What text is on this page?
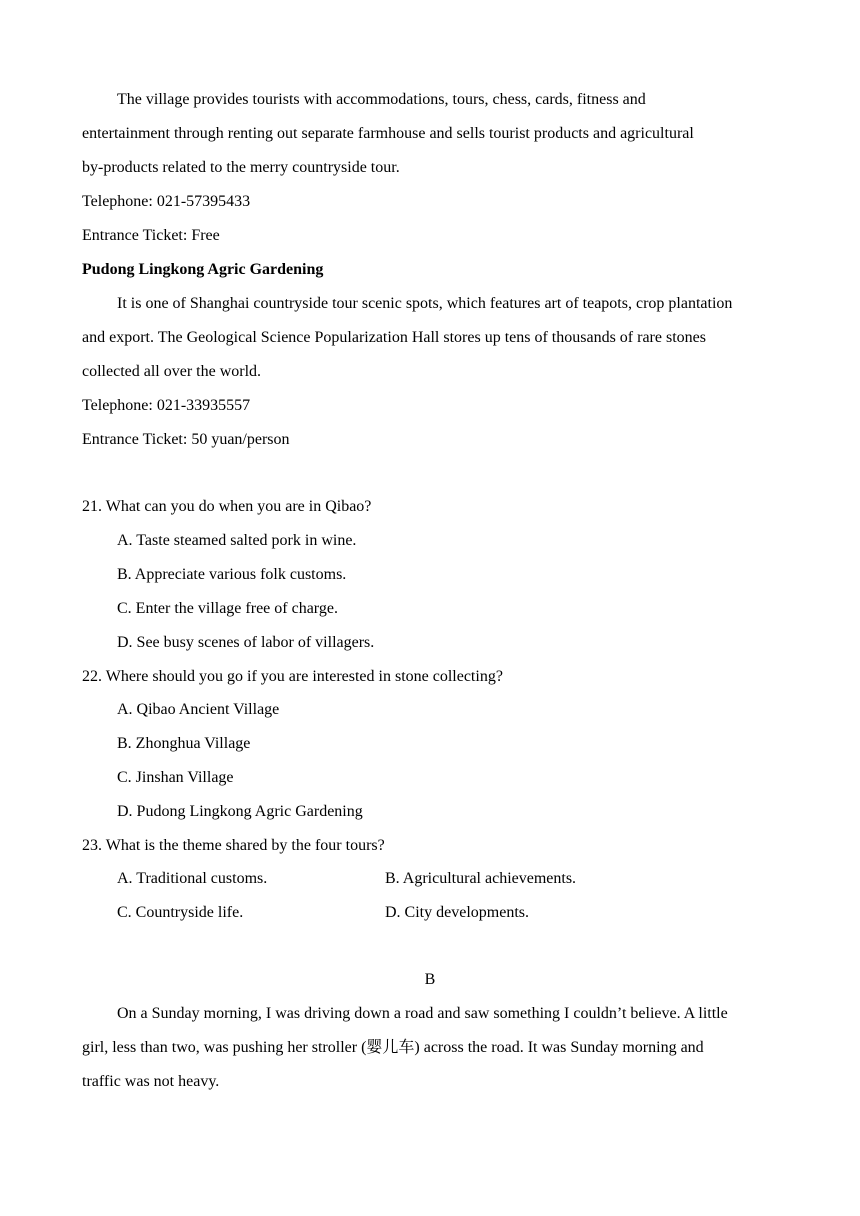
The village provides tourists with accommodations, tours, chess, cards, fitness and
entertainment through renting out separate farmhouse and sells tourist products and agricultural
by-products related to the merry countryside tour.
Telephone: 021-57395433
Entrance Ticket: Free
Pudong Lingkong Agric Gardening
It is one of Shanghai countryside tour scenic spots, which features art of teapots, crop plantation
and export. The Geological Science Popularization Hall stores up tens of thousands of rare stones
collected all over the world.
Telephone: 021-33935557
Entrance Ticket: 50 yuan/person
21. What can you do when you are in Qibao?
A. Taste steamed salted pork in wine.
B. Appreciate various folk customs.
C. Enter the village free of charge.
D. See busy scenes of labor of villagers.
22. Where should you go if you are interested in stone collecting?
A. Qibao Ancient Village
B. Zhonghua Village
C. Jinshan Village
D. Pudong Lingkong Agric Gardening
23. What is the theme shared by the four tours?
A. Traditional customs.	B. Agricultural achievements.
C. Countryside life.	D. City developments.
B
On a Sunday morning, I was driving down a road and saw something I couldn’t believe. A little
girl, less than two, was pushing her stroller (婴儿车) across the road. It was Sunday morning and
traffic was not heavy.
